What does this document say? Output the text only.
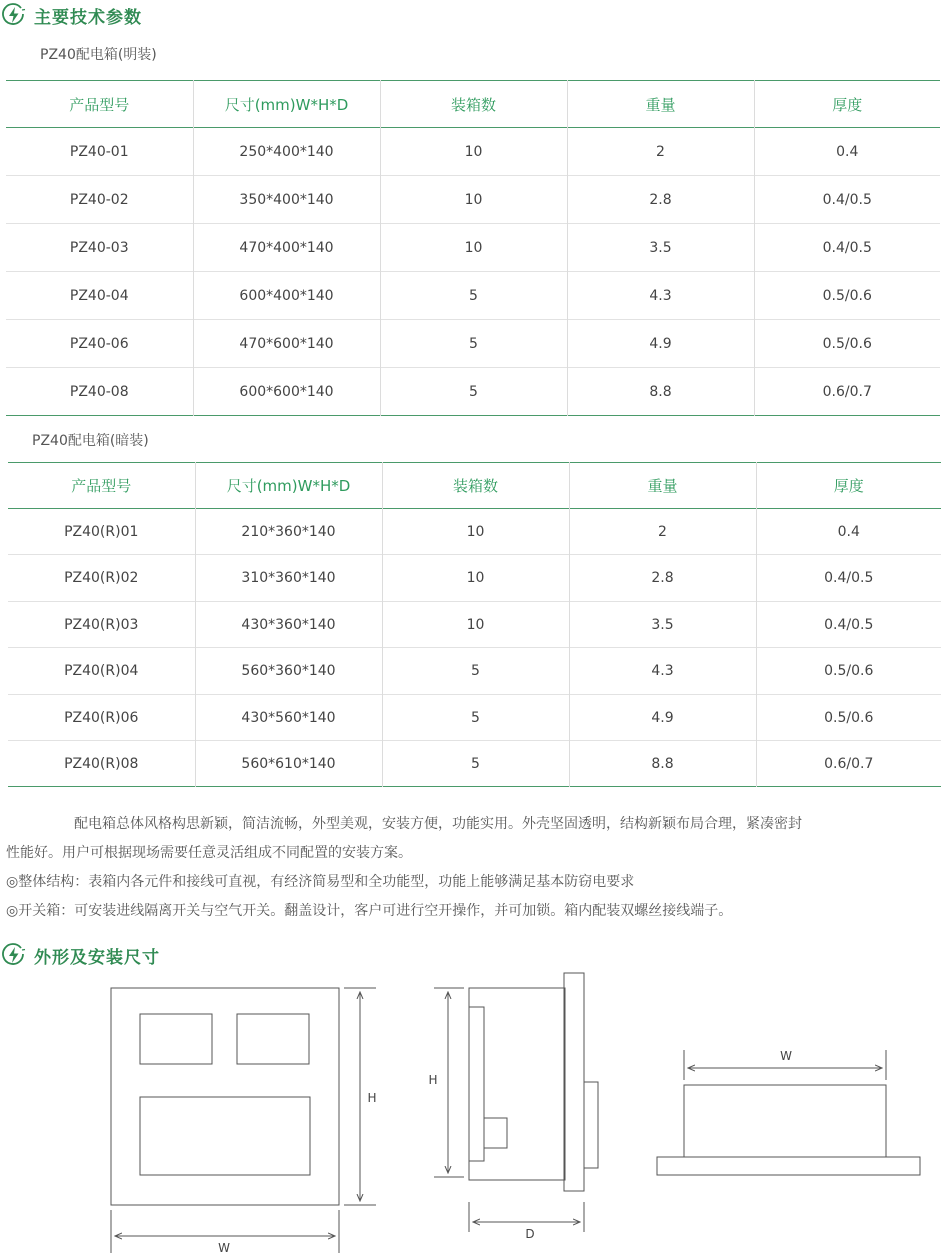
主要技术参数
PZ40配电箱(明装)
产品型号	尺寸(mm)W*H*D	装箱数	重量	厚度
PZ40-01	250*400*140	10	2	0.4
PZ40-02	350*400*140	10	2.8	0.4/0.5
PZ40-03	470*400*140	10	3.5	0.4/0.5
PZ40-04	600*400*140	5	4.3	0.5/0.6
PZ40-06	470*600*140	5	4.9	0.5/0.6
PZ40-08	600*600*140	5	8.8	0.6/0.7
PZ40配电箱(暗装)
产品型号	尺寸(mm)W*H*D	装箱数	重量	厚度
PZ40(R)01	210*360*140	10	2	0.4
PZ40(R)02	310*360*140	10	2.8	0.4/0.5
PZ40(R)03	430*360*140	10	3.5	0.4/0.5
PZ40(R)04	560*360*140	5	4.3	0.5/0.6
PZ40(R)06	430*560*140	5	4.9	0.5/0.6
PZ40(R)08	560*610*140	5	8.8	0.6/0.7
配电箱总体风格构思新颖，简洁流畅，外型美观，安装方便，功能实用。外壳坚固透明，结构新颖布局合理，紧凑密封
性能好。用户可根据现场需要任意灵活组成不同配置的安装方案。
◎整体结构：表箱内各元件和接线可直视，有经济简易型和全功能型，功能上能够满足基本防窃电要求
◎开关箱：可安装进线隔离开关与空气开关。翻盖设计，客户可进行空开操作，并可加锁。箱内配装双螺丝接线端子。
外形及安装尺寸
H
W
H
D
W
